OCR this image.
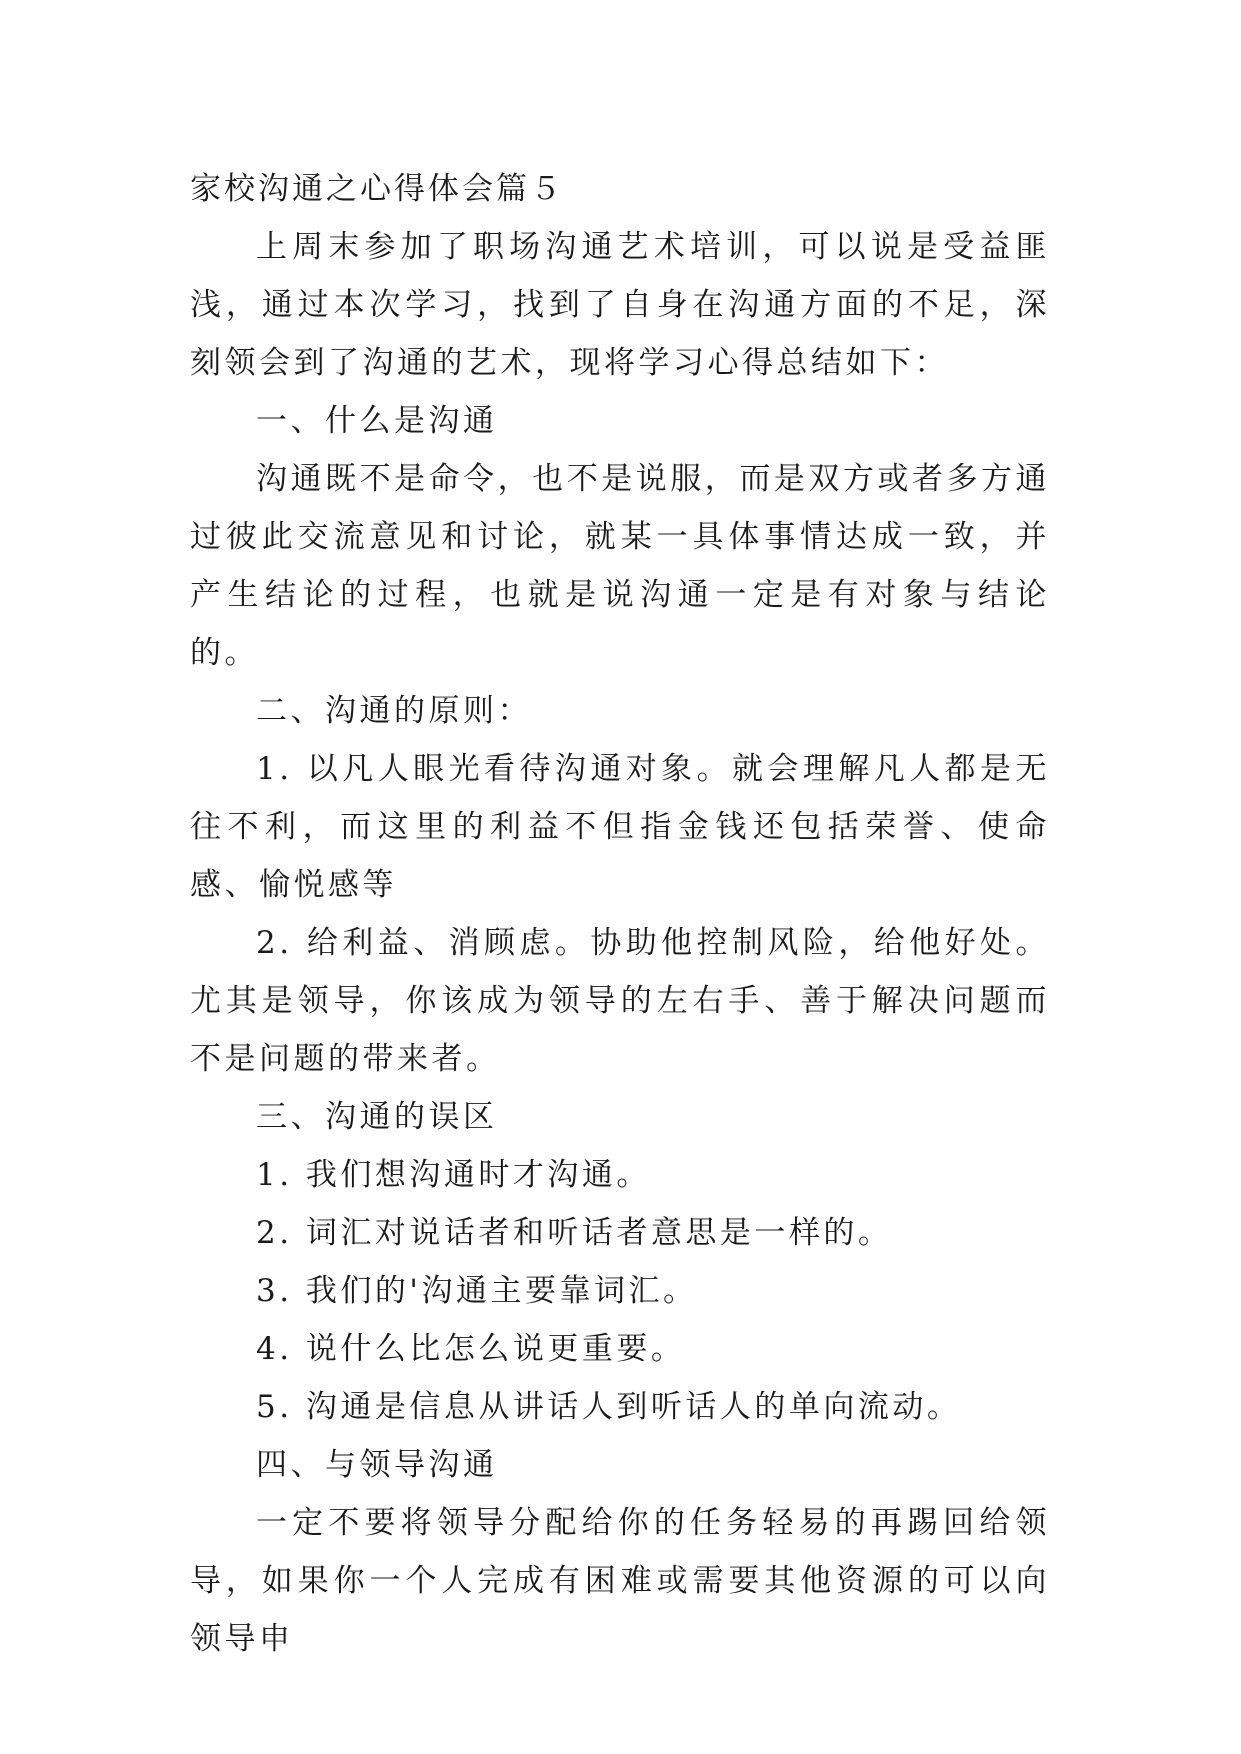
家校沟通之心得体会篇５

上周末参加了职场沟通艺术培训，可以说是受益匪浅，通过本次学习，找到了自身在沟通方面的不足，深刻领会到了沟通的艺术，现将学习心得总结如下：

一、什么是沟通

沟通既不是命令，也不是说服，而是双方或者多方通过彼此交流意见和讨论，就某一具体事情达成一致，并产生结论的过程，也就是说沟通一定是有对象与结论的。

二、沟通的原则：

1. 以凡人眼光看待沟通对象。就会理解凡人都是无往不利，而这里的利益不但指金钱还包括荣誉、使命感、愉悦感等

2. 给利益、消顾虑。协助他控制风险，给他好处。尤其是领导，你该成为领导的左右手、善于解决问题而不是问题的带来者。

三、沟通的误区

1. 我们想沟通时才沟通。

2. 词汇对说话者和听话者意思是一样的。

3. 我们的'沟通主要靠词汇。

4. 说什么比怎么说更重要。

5. 沟通是信息从讲话人到听话人的单向流动。

四、与领导沟通

一定不要将领导分配给你的任务轻易的再踢回给领导，如果你一个人完成有困难或需要其他资源的可以向领导申
